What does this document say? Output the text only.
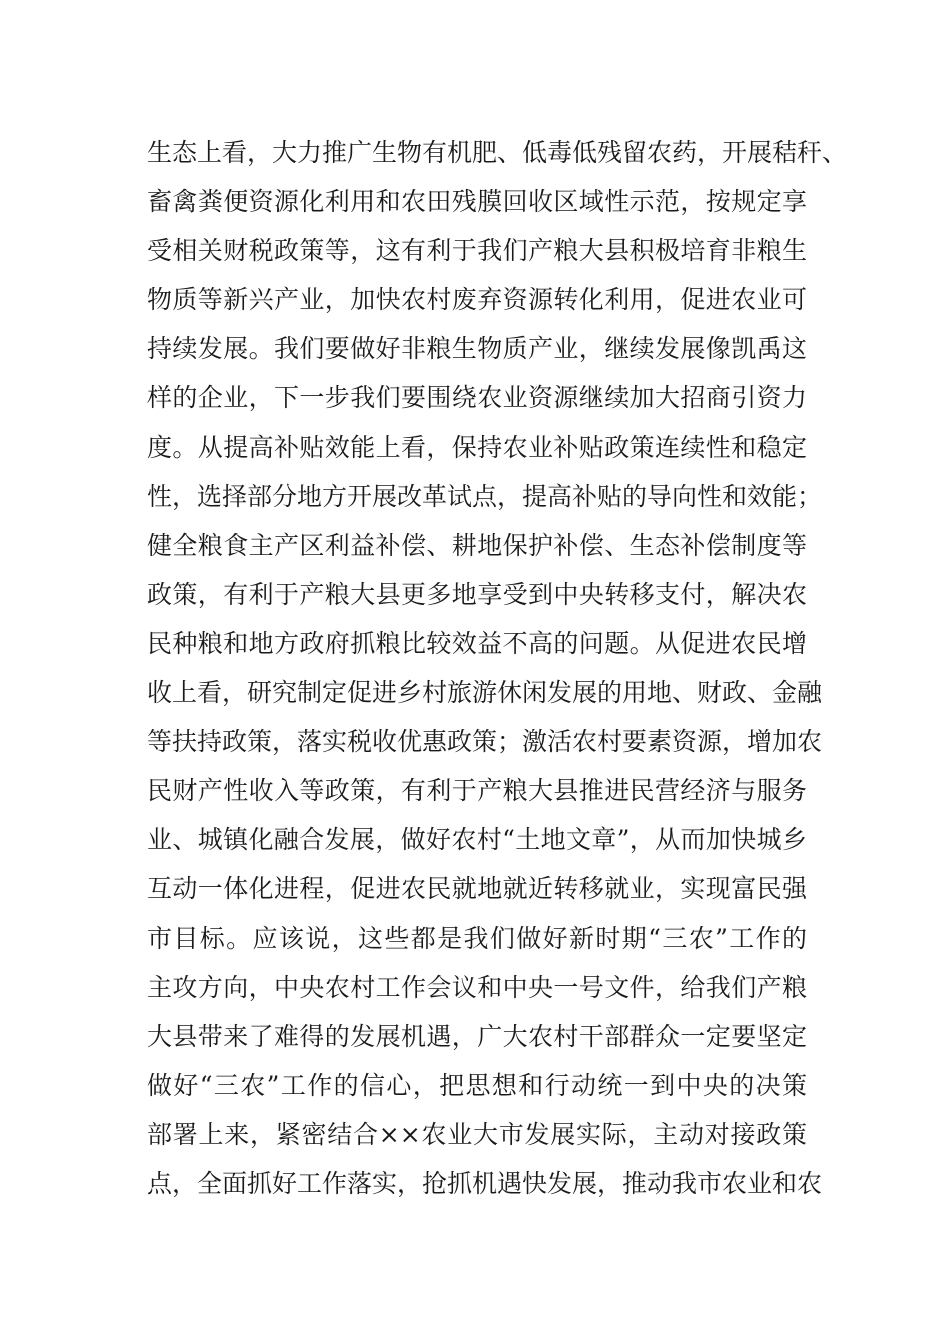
生态上看，大力推广生物有机肥、低毒低残留农药，开展秸秆、
畜禽粪便资源化利用和农田残膜回收区域性示范，按规定享
受相关财税政策等，这有利于我们产粮大县积极培育非粮生
物质等新兴产业，加快农村废弃资源转化利用，促进农业可
持续发展。我们要做好非粮生物质产业，继续发展像凯禹这
样的企业，下一步我们要围绕农业资源继续加大招商引资力
度。从提高补贴效能上看，保持农业补贴政策连续性和稳定
性，选择部分地方开展改革试点，提高补贴的导向性和效能；
健全粮食主产区利益补偿、耕地保护补偿、生态补偿制度等
政策，有利于产粮大县更多地享受到中央转移支付，解决农
民种粮和地方政府抓粮比较效益不高的问题。从促进农民增
收上看，研究制定促进乡村旅游休闲发展的用地、财政、金融
等扶持政策，落实税收优惠政策；激活农村要素资源，增加农
民财产性收入等政策，有利于产粮大县推进民营经济与服务
业、城镇化融合发展，做好农村“土地文章”，从而加快城乡
互动一体化进程，促进农民就地就近转移就业，实现富民强
市目标。应该说，这些都是我们做好新时期“三农”工作的
主攻方向，中央农村工作会议和中央一号文件，给我们产粮
大县带来了难得的发展机遇，广大农村干部群众一定要坚定
做好“三农”工作的信心，把思想和行动统一到中央的决策
部署上来，紧密结合××农业大市发展实际，主动对接政策
点，全面抓好工作落实，抢抓机遇快发展，推动我市农业和农
